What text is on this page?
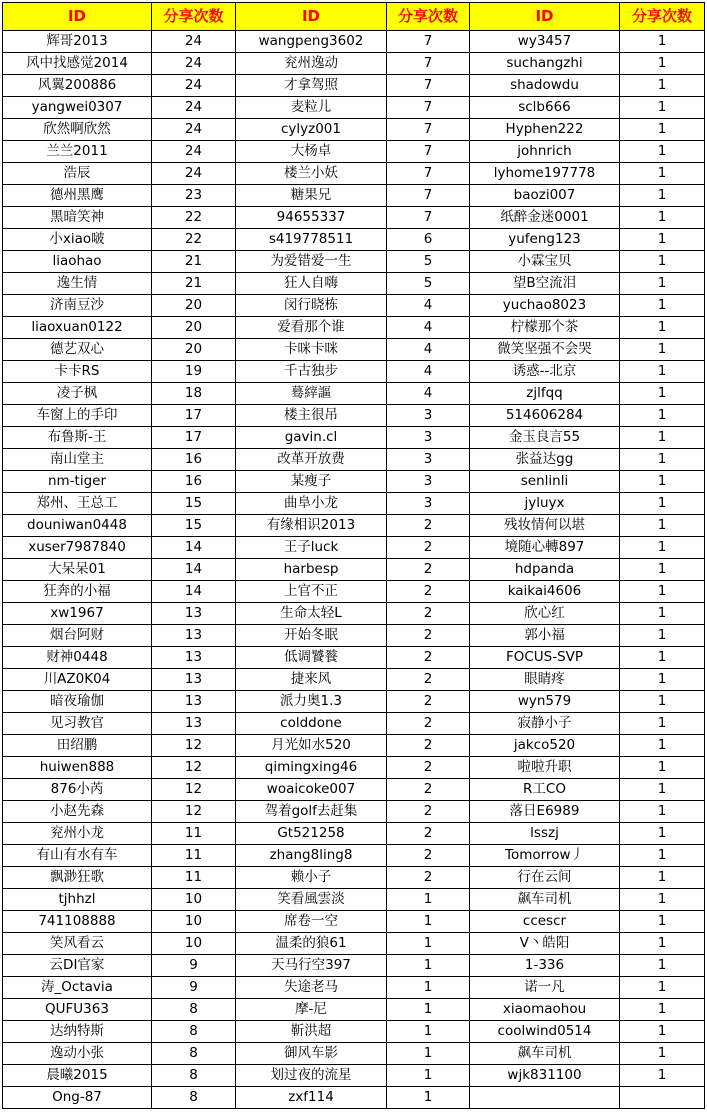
ID	分享次数	ID	分享次数	ID	分享次数
辉哥2013	24	wangpeng3602	7	wy3457	1
风中找感觉2014	24	兖州逸动	7	suchangzhi	1
风翼200886	24	才拿驾照	7	shadowdu	1
yangwei0307	24	麦粒儿	7	sclb666	1
欣然啊欣然	24	cylyz001	7	Hyphen222	1
兰兰2011	24	大杨卓	7	johnrich	1
浩辰	24	楼兰小妖	7	lyhome197778	1
德州黑鹰	23	糖果兄	7	baozi007	1
黑暗笑神	22	94655337	7	纸醉金迷0001	1
小xiao啵	22	s419778511	6	yufeng123	1
liaohao	21	为爱错爱一生	5	小霖宝贝	1
逸生情	21	狂人自嗨	5	望B空流泪	1
济南豆沙	20	闵行晓栋	4	yuchao8023	1
liaoxuan0122	20	爱看那个谁	4	柠檬那个茶	1
德艺双心	20	卡咪卡咪	4	微笑坚强不会哭	1
卡卡RS	19	千古独步	4	诱惑--北京	1
凌子枫	18	蓦縡謳	4	zjlfqq	1
车窗上的手印	17	楼主很吊	3	514606284	1
布鲁斯-王	17	gavin.cl	3	金玉良言55	1
南山堂主	16	改革开放费	3	张益达gg	1
nm-tiger	16	某瘦子	3	senlinli	1
郑州、王总工	15	曲阜小龙	3	jyluyx	1
douniwan0448	15	有缘相识2013	2	残妆情何以堪	1
xuser7987840	14	王子luck	2	境随心轉897	1
大呆呆01	14	harbesp	2	hdpanda	1
狂奔的小福	14	上官不正	2	kaikai4606	1
xw1967	13	生命太轻L	2	欣心红	1
烟台阿财	13	开始冬眠	2	郭小福	1
财神0448	13	低调饕餮	2	FOCUS-SVP	1
川AZ0K04	13	捷来风	2	眼睛疼	1
暗夜瑜伽	13	派力奥1.3	2	wyn579	1
见习教官	13	colddone	2	寂静小子	1
田绍鹏	12	月光如水520	2	jakco520	1
huiwen888	12	qimingxing46	2	啦啦升职	1
876小芮	12	woaicoke007	2	R工CO	1
小赵先森	12	驾着golf去赶集	2	落日E6989	1
兖州小龙	11	Gt521258	2	lsszj	1
有山有水有车	11	zhang8ling8	2	Tomorrow丿	1
飘渺狂歌	11	赖小子	2	行在云间	1
tjhhzl	10	笑看風雲淡	1	飙车司机	1
741108888	10	席卷一空	1	ccescr	1
笑风看云	10	温柔的狼61	1	V丶皓阳	1
云DI官家	9	天马行空397	1	1-336	1
涛_Octavia	9	失途老马	1	诺一凡	1
QUFU363	8	摩-尼	1	xiaomaohou	1
达纳特斯	8	靳洪超	1	coolwind0514	1
逸动小张	8	御风车影	1	飙车司机	1
晨曦2015	8	划过夜的流星	1	wjk831100	1
Ong-87	8	zxf114	1		
